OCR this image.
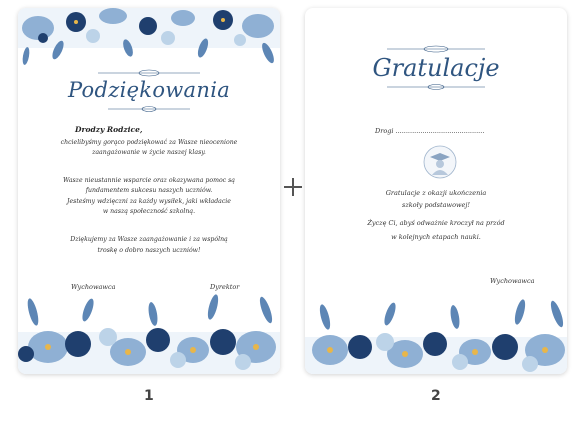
Podziękowania
Drodzy Rodzice,
chcielibyśmy gorąco podziękować za Wasze nieocenione
zaangażowanie w życie naszej klasy.
Wasze nieustannie wsparcie oraz okazywana pomoc są
fundamentem sukcesu naszych uczniów.
Jesteśmy wdzięczni za każdy wysiłek, jaki wkładacie
w naszą społeczność szkolną.
Dziękujemy za Wasze zaangażowanie i za wspólną
troskę o dobro naszych uczniów!
Wychowawca	Dyrektor
Gratulacje
Drogi ...........................................
Gratulacje z okazji ukończenia
szkoły podstawowej!
Życzę Ci, abyś odważnie kroczył na przód
w kolejnych etapach nauki.
Wychowawca
1	2
